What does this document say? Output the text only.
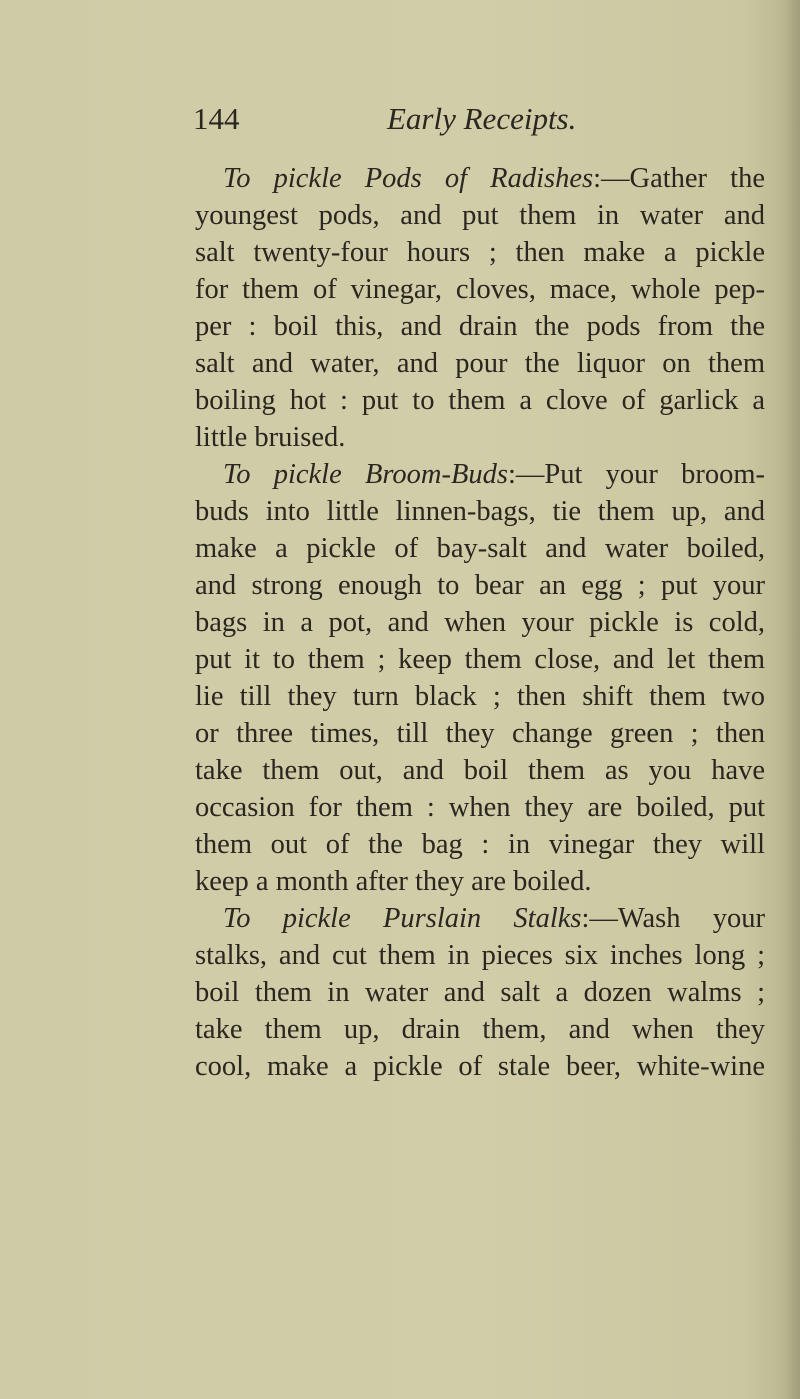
144	Early Receipts.
To pickle Pods of Radishes:—Gather the
youngest pods, and put them in water and
salt twenty-four hours ; then make a pickle
for them of vinegar, cloves, mace, whole pep-
per : boil this, and drain the pods from the
salt and water, and pour the liquor on them
boiling hot : put to them a clove of garlick a
little bruised.
To pickle Broom-Buds:—Put your broom-
buds into little linnen-bags, tie them up, and
make a pickle of bay-salt and water boiled,
and strong enough to bear an egg ; put your
bags in a pot, and when your pickle is cold,
put it to them ; keep them close, and let them
lie till they turn black ; then shift them two
or three times, till they change green ; then
take them out, and boil them as you have
occasion for them : when they are boiled, put
them out of the bag : in vinegar they will
keep a month after they are boiled.
To pickle Purslain Stalks:—Wash your
stalks, and cut them in pieces six inches long ;
boil them in water and salt a dozen walms ;
take them up, drain them, and when they
cool, make a pickle of stale beer, white-wine
